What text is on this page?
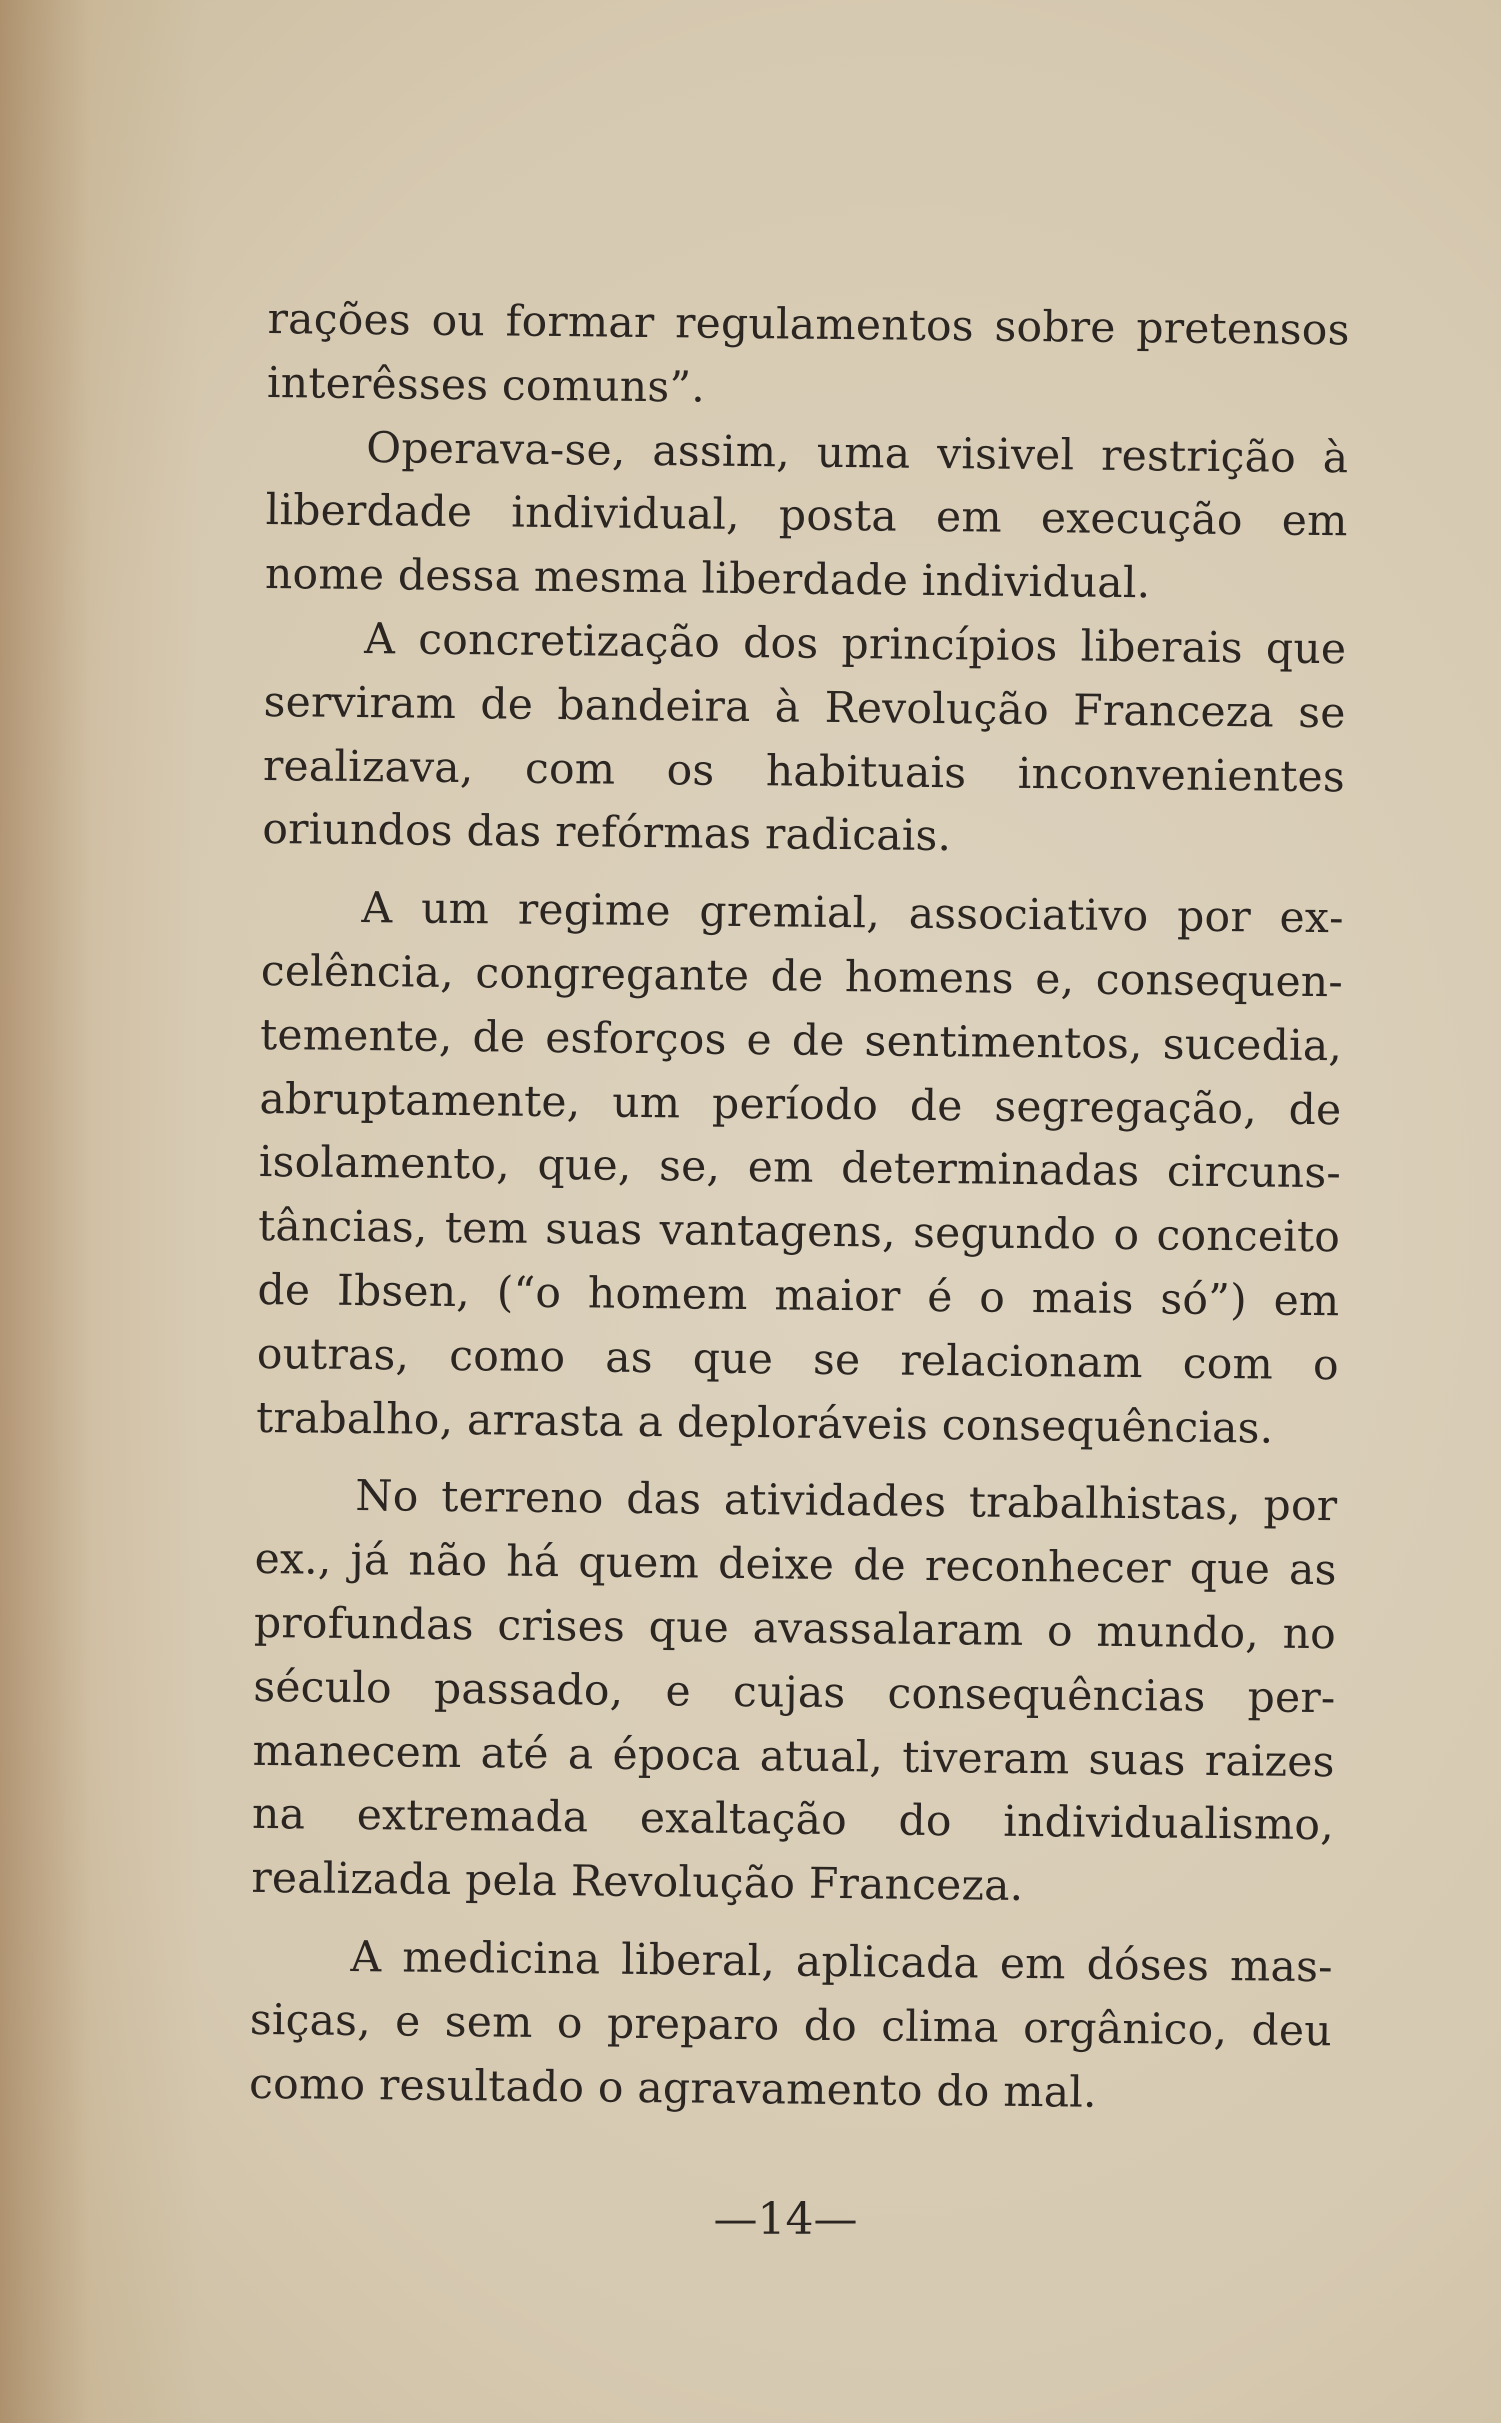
rações ou formar regulamentos sobre pretensos interêsses comuns”.

Operava-se, assim, uma visivel restrição à liberdade individual, posta em execução em nome dessa mesma liberdade individual.

A concretização dos princípios liberais que serviram de bandeira à Revolução Franceza se realizava, com os habituais inconvenientes oriundos das refórmas radicais.

A um regime gremial, associativo por excelência, congregante de homens e, consequentemente, de esforços e de sentimentos, sucedia, abruptamente, um período de segregação, de isolamento, que, se, em determinadas circunstâncias, tem suas vantagens, segundo o conceito de Ibsen, (“o homem maior é o mais só”) em outras, como as que se relacionam com o trabalho, arrasta a deploráveis consequências.

No terreno das atividades trabalhistas, por ex., já não há quem deixe de reconhecer que as profundas crises que avassalaram o mundo, no século passado, e cujas consequências permanecem até a época atual, tiveram suas raizes na extremada exaltação do individualismo, realizada pela Revolução Franceza.

A medicina liberal, aplicada em dóses massiças, e sem o preparo do clima orgânico, deu como resultado o agravamento do mal.

—14—
